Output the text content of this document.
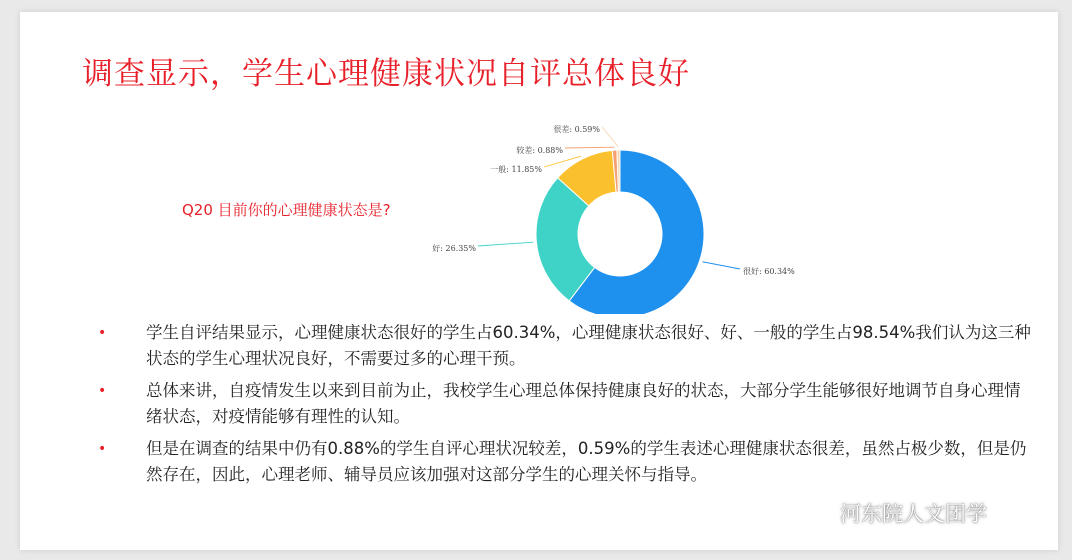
调查显示，学生心理健康状况自评总体良好
Q20 目前你的心理健康状态是?
很好: 60.34%
好: 26.35%
一般: 11.85%
较差: 0.88%
很差: 0.59%
• 学生自评结果显示，心理健康状态很好的学生占60.34%，心理健康状态很好、好、一般的学生占98.54%我们认为这三种状态的学生心理状况良好，不需要过多的心理干预。
• 总体来讲，自疫情发生以来到目前为止，我校学生心理总体保持健康良好的状态，大部分学生能够很好地调节自身心理情绪状态，对疫情能够有理性的认知。
• 但是在调查的结果中仍有0.88%的学生自评心理状况较差，0.59%的学生表述心理健康状态很差，虽然占极少数，但是仍然存在，因此，心理老师、辅导员应该加强对这部分学生的心理关怀与指导。
河东院人文团学
